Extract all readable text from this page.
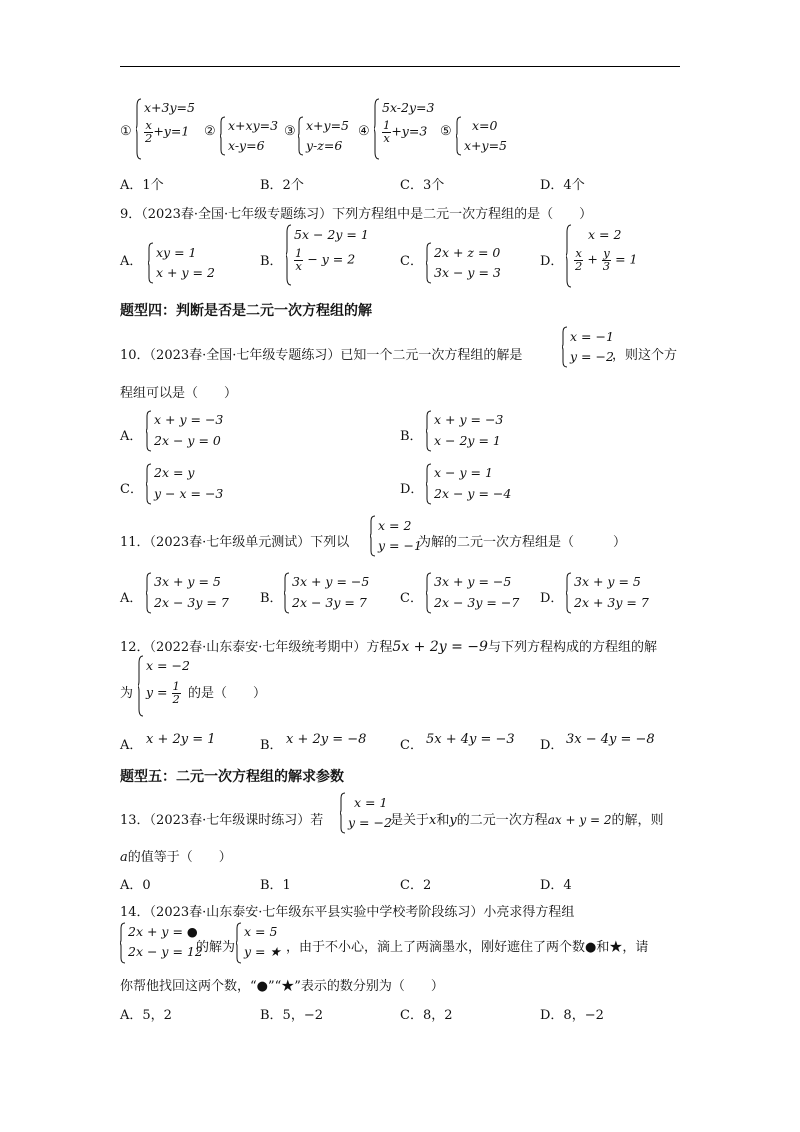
①
x+3y=5
$\frac{x}{2} +y=1$ ② x+xy=3
x-y=6
③ x+y=5
y-z=6
④
5x-2y=3
$\frac{1}{x} +y=3$ ⑤ x=0
x+y=5
A．1个	B．2个	C．3个	D．4个
9．（2023春·全国·七年级专题练习）下列方程组中是二元一次方程组的是（　　）
A．
xy = 1
x + y = 2
B．
5x − 2y = 1
$\frac{1}{x} - y = 2$	C．
2x + z = 0
3x − y = 3
D．
x = 2
$\frac{x}{2} + \frac{y}{3} = 1$
题型四：判断是否是二元一次方程组的解
10．（2023春·全国·七年级专题练习）已知一个二元一次方程组的解是
x = −1
y = −2
，则这个方
程组可以是（　　）
A．
x + y = −3
2x − y = 0	B．
x + y = −3
x − 2y = 1
C．
2x = y
y − x = −3	D．
x − y = 1
2x − y = −4
11．（2023春·七年级单元测试）下列以
x = 2
y = −1
为解的二元一次方程组是（　　　）
A．
3x + y = 5
2x − 3y = 7 B．
3x + y = −5
2x − 3y = 7	C．
3x + y = −5
2x − 3y = −7 D．
3x + y = 5
2x + 3y = 7
12．（2022春·山东泰安·七年级统考期中）方程5x + 2y = −9与下列方程构成的方程组的解
为
x = −2
$y = \frac{1}{2}$ 的是（　　）
A． x + 2y = 1	B． x + 2y = −8	C． 5x + 4y = −3 D． 3x − 4y = −8
题型五：二元一次方程组的解求参数
13．（2023春·七年级课时练习）若
x = 1
y = −2
是关于x和y的二元一次方程ax + y = 2的解，则
a的值等于（　　）
A．0	B．1	C．2	D．4
14．（2023春·山东泰安·七年级东平县实验中学校考阶段练习）小亮求得方程组
2x + y = ●
2x − y = 12
的解为
x = 5
y = ★ ，由于不小心，滴上了两滴墨水，刚好遮住了两个数●和★，请
你帮他找回这两个数，“●”“★”表示的数分别为（　　）
A．5，2	B．5，−2	C．8，2	D．8，−2
